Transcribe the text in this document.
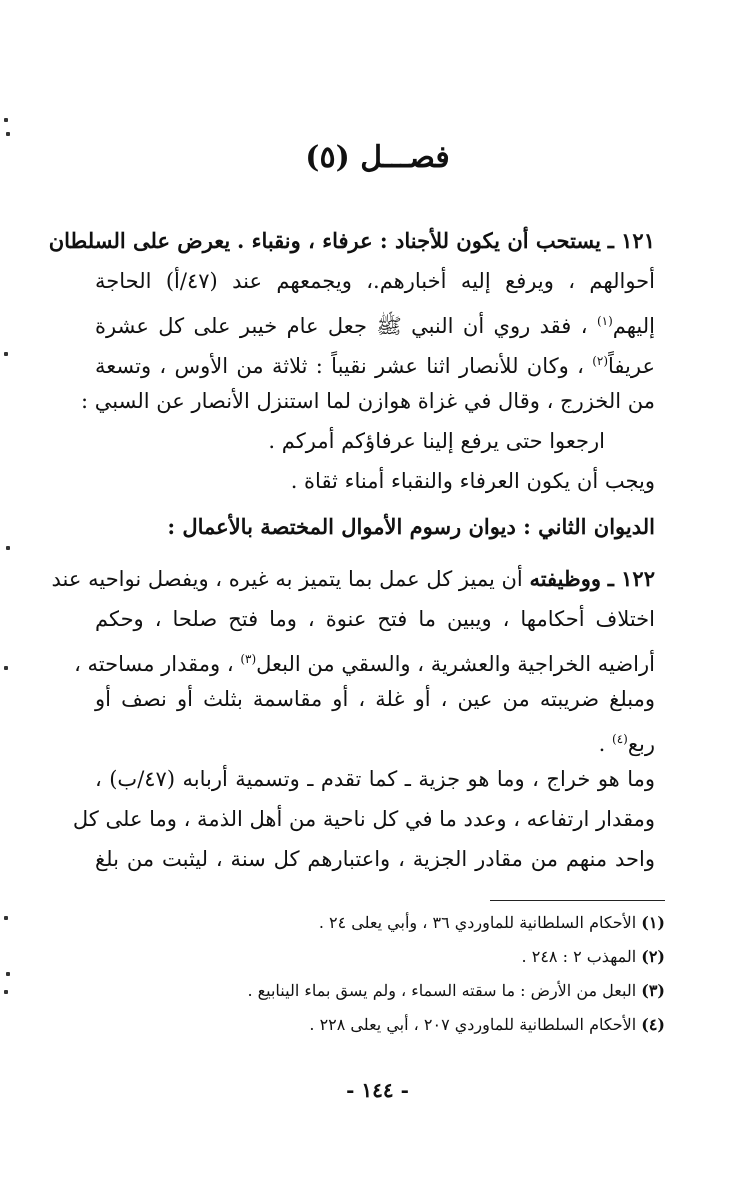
فصـــل (٥)
١٢١ ـ يستحب أن يكون للأجناد : عرفاء ، ونقباء . يعرض على السلطان
أحوالهم ، ويرفع إليه أخبارهم.، ويجمعهم عند (٤٧/أ) الحاجة
إليهم$^{(١)}$ ، فقد روي أن النبي ﷺ جعل عام خيبر على كل عشرة
عريفاً$^{(٢)}$ ، وكان للأنصار اثنا عشر نقيباً : ثلاثة من الأوس ، وتسعة
من الخزرج ، وقال في غزاة هوازن لما استنزل الأنصار عن السبي :
ارجعوا حتى يرفع إلينا عرفاؤكم أمركم .
ويجب أن يكون العرفاء والنقباء أمناء ثقاة .
الديوان الثاني : ديوان رسوم الأموال المختصة بالأعمال :
١٢٢ ـ ووظيفته أن يميز كل عمل بما يتميز به غيره ، ويفصل نواحيه عند
اختلاف أحكامها ، ويبين ما فتح عنوة ، وما فتح صلحا ، وحكم
أراضيه الخراجية والعشرية ، والسقي من البعل$^{(٣)}$ ، ومقدار مساحته ،
ومبلغ ضريبته من عين ، أو غلة ، أو مقاسمة بثلث أو نصف أو
ربع$^{(٤)}$ .
وما هو خراج ، وما هو جزية ـ كما تقدم ـ وتسمية أربابه (٤٧/ب) ،
ومقدار ارتفاعه ، وعدد ما في كل ناحية من أهل الذمة ، وما على كل
واحد منهم من مقادر الجزية ، واعتبارهم كل سنة ، ليثبت من بلغ
(١) الأحكام السلطانية للماوردي ٣٦ ، وأبي يعلى ٢٤ .
(٢) المهذب ٢ : ٢٤٨ .
(٣) البعل من الأرض : ما سقته السماء ، ولم يسق بماء الينابيع .
(٤) الأحكام السلطانية للماوردي ٢٠٧ ، أبي يعلى ٢٢٨ .
- ١٤٤ -
